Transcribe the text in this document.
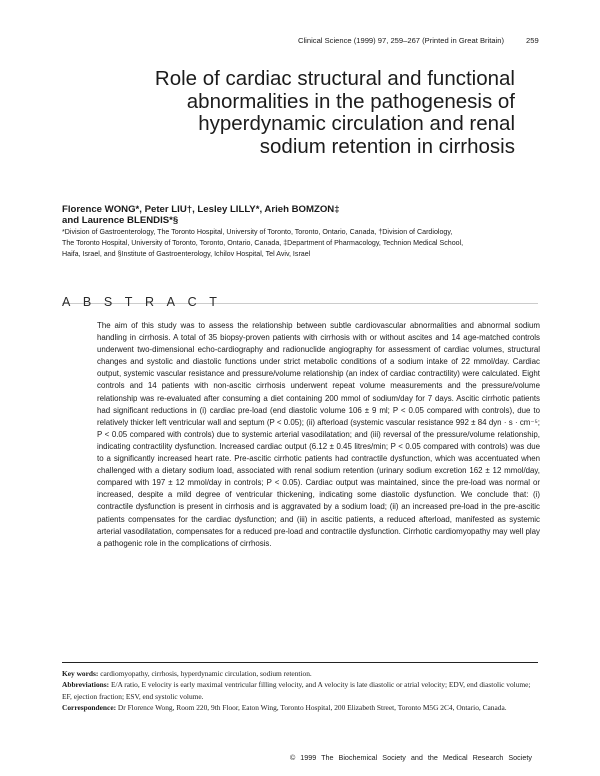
Clinical Science (1999) 97, 259–267 (Printed in Great Britain)	259
Role of cardiac structural and functional
abnormalities in the pathogenesis of
hyperdynamic circulation and renal
sodium retention in cirrhosis
Florence WONG*, Peter LIU†, Lesley LILLY*, Arieh BOMZON‡
and Laurence BLENDIS*§
*Division of Gastroenterology, The Toronto Hospital, University of Toronto, Toronto, Ontario, Canada, †Division of Cardiology,
The Toronto Hospital, University of Toronto, Toronto, Ontario, Canada, ‡Department of Pharmacology, Technion Medical School,
Haifa, Israel, and §Institute of Gastroenterology, Ichilov Hospital, Tel Aviv, Israel
ABSTRACT

The aim of this study was to assess the relationship between subtle cardiovascular abnormalities and abnormal sodium handling in cirrhosis. A total of 35 biopsy-proven patients with cirrhosis with or without ascites and 14 age-matched controls underwent two-dimensional echo-cardiography and radionuclide angiography for assessment of cardiac volumes, structural changes and systolic and diastolic functions under strict metabolic conditions of a sodium intake of 22 mmol/day. Cardiac output, systemic vascular resistance and pressure/volume relationship (an index of cardiac contractility) were calculated. Eight controls and 14 patients with non-ascitic cirrhosis underwent repeat volume measurements and the pressure/volume relationship was re-evaluated after consuming a diet containing 200 mmol of sodium/day for 7 days. Ascitic cirrhotic patients had significant reductions in (i) cardiac pre-load (end diastolic volume 106 ± 9 ml; P < 0.05 compared with controls), due to relatively thicker left ventricular wall and septum (P < 0.05); (ii) afterload (systemic vascular resistance 992 ± 84 dyn · s · cm⁻⁵; P < 0.05 compared with controls) due to systemic arterial vasodilatation; and (iii) reversal of the pressure/volume relationship, indicating contractility dysfunction. Increased cardiac output (6.12 ± 0.45 litres/min; P < 0.05 compared with controls) was due to a significantly increased heart rate. Pre-ascitic cirrhotic patients had contractile dysfunction, which was accentuated when challenged with a dietary sodium load, associated with renal sodium retention (urinary sodium excretion 162 ± 12 mmol/day, compared with 197 ± 12 mmol/day in controls; P < 0.05). Cardiac output was maintained, since the pre-load was normal or increased, despite a mild degree of ventricular thickening, indicating some diastolic dysfunction. We conclude that: (i) contractile dysfunction is present in cirrhosis and is aggravated by a sodium load; (ii) an increased pre-load in the pre-ascitic patients compensates for the cardiac dysfunction; and (iii) in ascitic patients, a reduced afterload, manifested as systemic arterial vasodilatation, compensates for a reduced pre-load and contractile dysfunction. Cirrhotic cardiomyopathy may well play a pathogenic role in the complications of cirrhosis.

Key words: cardiomyopathy, cirrhosis, hyperdynamic circulation, sodium retention.

Abbreviations: E/A ratio, E velocity is early maximal ventricular filling velocity, and A velocity is late diastolic or atrial velocity; EDV, end diastolic volume; EF, ejection fraction; ESV, end systolic volume.

Correspondence: Dr Florence Wong, Room 220, 9th Floor, Eaton Wing, Toronto Hospital, 200 Elizabeth Street, Toronto M5G 2C4, Ontario, Canada.

© 1999 The Biochemical Society and the Medical Research Society
